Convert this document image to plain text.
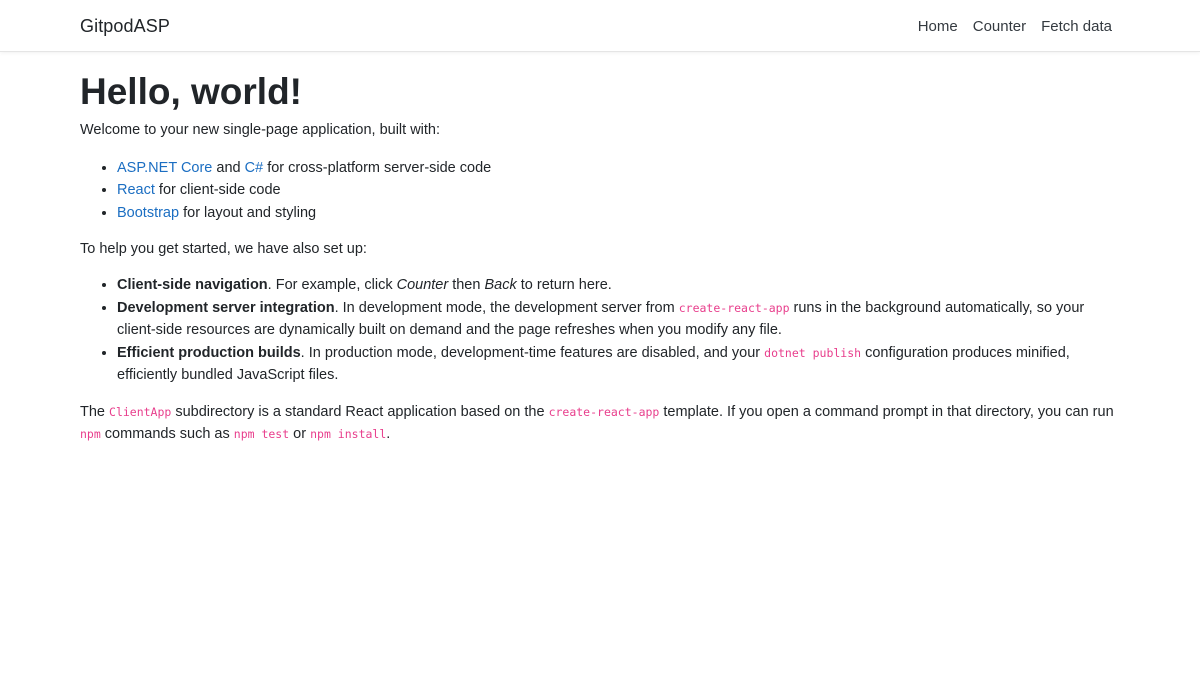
GitpodASP	Home Counter Fetch data
Hello, world!

Welcome to your new single-page application, built with:

• ASP.NET Core and C# for cross-platform server-side code
• React for client-side code
• Bootstrap for layout and styling

To help you get started, we have also set up:

• Client-side navigation. For example, click Counter then Back to return here.
• Development server integration. In development mode, the development server from create-react-app runs in the background automatically, so your client-side resources are dynamically built on demand and the page refreshes when you modify any file.
• Efficient production builds. In production mode, development-time features are disabled, and your dotnet publish configuration produces minified, efficiently bundled JavaScript files.

The ClientApp subdirectory is a standard React application based on the create-react-app template. If you open a command prompt in that directory, you can run npm commands such as npm test or npm install.
